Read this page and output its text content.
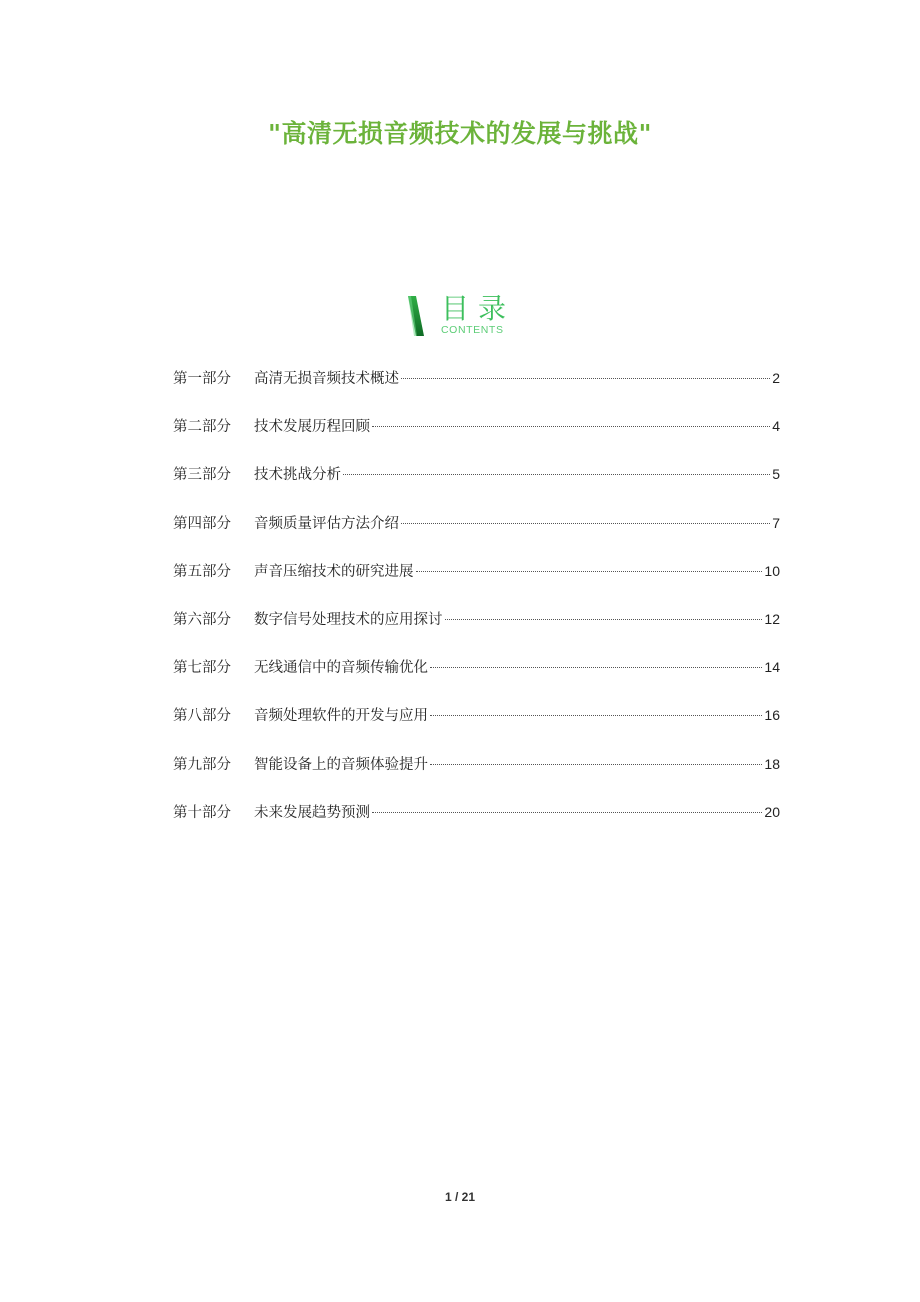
"高清无损音频技术的发展与挑战"
目录
CONTENTS
第一部分	高清无损音频技术概述	2
第二部分	技术发展历程回顾	4
第三部分	技术挑战分析	5
第四部分	音频质量评估方法介绍	7
第五部分	声音压缩技术的研究进展	10
第六部分	数字信号处理技术的应用探讨	12
第七部分	无线通信中的音频传输优化	14
第八部分	音频处理软件的开发与应用	16
第九部分	智能设备上的音频体验提升	18
第十部分	未来发展趋势预测	20
1 / 21
